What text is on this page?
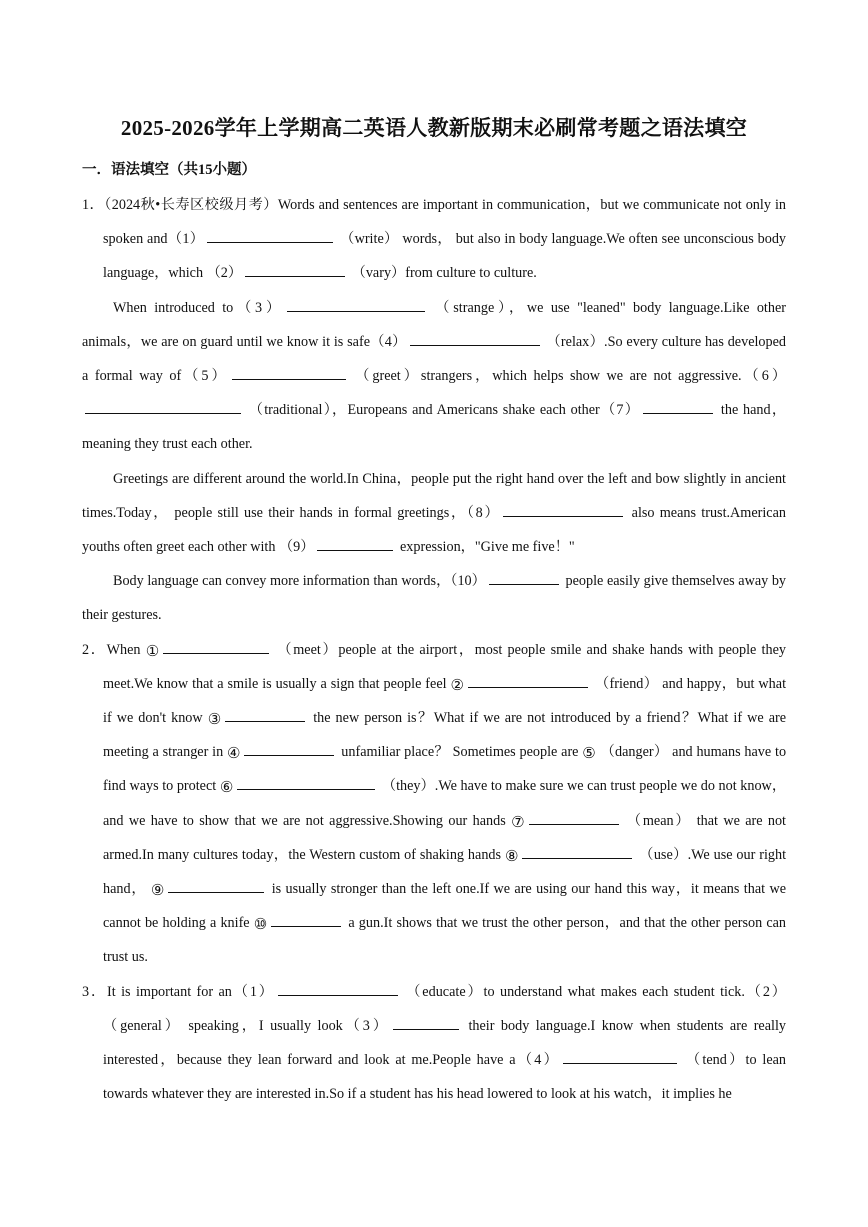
2025-2026学年上学期高二英语人教新版期末必刷常考题之语法填空
一．语法填空（共15小题）

1．（2024秋•长寿区校级月考）Words and sentences are important in communication，but we communicate not only in spoken and（1）	（write） words， but also in body language.We often see unconscious body language，which （2）	（vary）from culture to culture.

When introduced to（3）	（strange），we use "leaned" body language.Like other animals，we are on guard until we know it is safe（4）	（relax）.So every culture has developed a formal way of（5）	（greet）strangers，which helps show we are not aggressive.（6） （traditional），Europeans and Americans shake each other（7）	the hand，meaning they trust each other.

Greetings are different around the world.In China，people put the right hand over the left and bow slightly in ancient times.Today， people still use their hands in formal greetings，（8）	also means trust.American youths often greet each other with （9）	expression，"Give me five！"

Body language can convey more information than words，（10）	people easily give themselves away by their gestures.

2．When ①	（meet）people at the airport，most people smile and shake hands with people they meet.We know that a smile is usually a sign that people feel ②	（friend） and happy，but what if we don't know ③	the new person is？What if we are not introduced by a friend？What if we are meeting a stranger in ④	unfamiliar place？ Sometimes people are ⑤ （danger） and humans have to find ways to protect ⑥	（they）.We have to make sure we can trust people we do not know，and we have to show that we are not aggressive.Showing our hands ⑦	（mean） that we are not armed.In many cultures today，the Western custom of shaking hands ⑧	（use）.We use our right hand， ⑨	is usually stronger than the left one.If we are using our hand this way，it means that we cannot be holding a knife ⑩	a gun.It shows that we trust the other person，and that the other person can trust us.

3．It is important for an（1）	（educate）to understand what makes each student tick.（2）（general） speaking，I usually look（3）	their body language.I know when students are really interested，because they lean forward and look at me.People have a（4）	（tend）to lean towards whatever they are interested in.So if a student has his head lowered to look at his watch，it implies he
